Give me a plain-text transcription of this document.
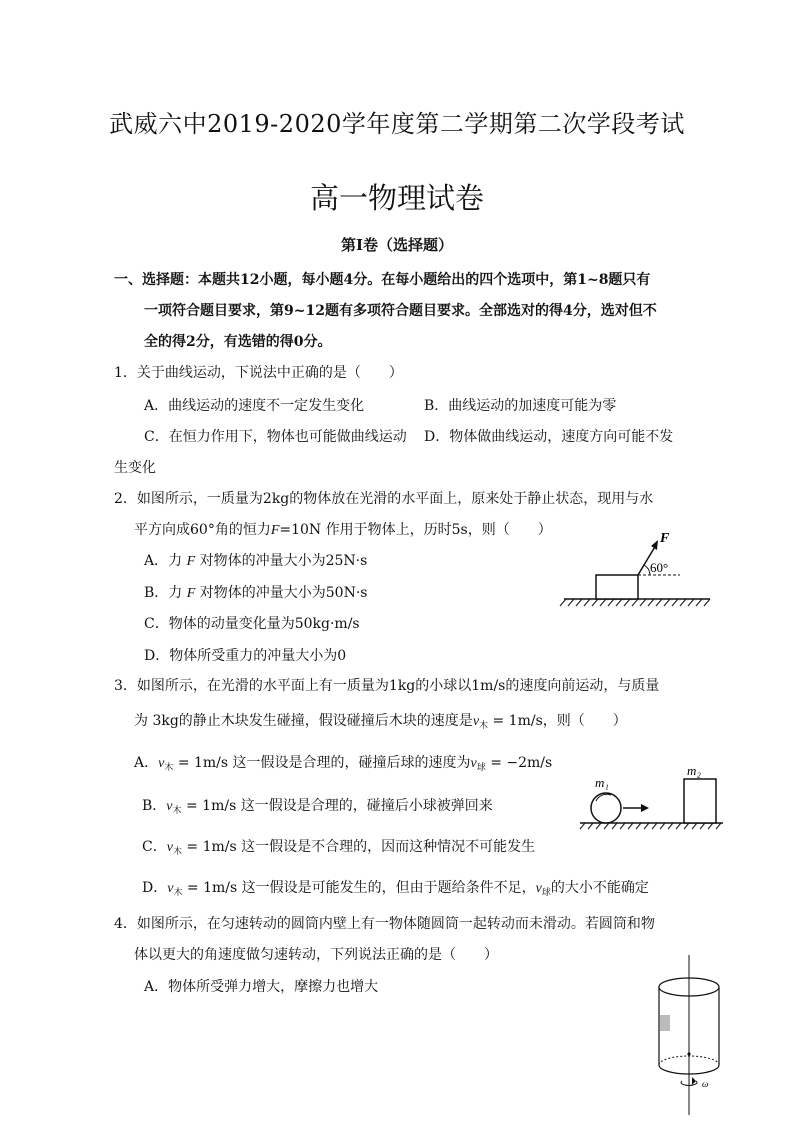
武威六中2019-2020学年度第二学期第二次学段考试
高一物理试卷
第Ⅰ卷（选择题）
一、选择题：本题共12小题，每小题4分。在每小题给出的四个选项中，第1~8题只有
一项符合题目要求，第9~12题有多项符合题目要求。全部选对的得4分，选对但不
全的得2分，有选错的得0分。
1．关于曲线运动，下说法中正确的是（　　）
A．曲线运动的速度不一定发生变化	B．曲线运动的加速度可能为零
C．在恒力作用下，物体也可能做曲线运动 D．物体做曲线运动，速度方向可能不发
生变化
2．如图所示，一质量为2kg的物体放在光滑的水平面上，原来处于静止状态，现用与水
平方向成60°角的恒力F=10N 作用于物体上，历时5s，则（　　）
A．力 F 对物体的冲量大小为25N·s
B．力 F 对物体的冲量大小为50N·s
C．物体的动量变化量为50kg·m/s
D．物体所受重力的冲量大小为0
F
60°
3．如图所示，在光滑的水平面上有一质量为1kg的小球以1m/s的速度向前运动，与质量
为 3kg的静止木块发生碰撞，假设碰撞后木块的速度是$v_木 = 1m/s$，则（　　）
A．$v_木 = 1m/s$ 这一假设是合理的，碰撞后球的速度为$v_球 = -2m/s$
B．$v_木 = 1m/s$ 这一假设是合理的，碰撞后小球被弹回来
C．$v_木 = 1m/s$ 这一假设是不合理的，因而这种情况不可能发生
D．$v_木 = 1m/s$ 这一假设是可能发生的，但由于题给条件不足，$v_球$的大小不能确定
m₁
m₂
4．如图所示，在匀速转动的圆筒内壁上有一物体随圆筒一起转动而未滑动。若圆筒和物
体以更大的角速度做匀速转动，下列说法正确的是（　　）
A．物体所受弹力增大，摩擦力也增大
ω
